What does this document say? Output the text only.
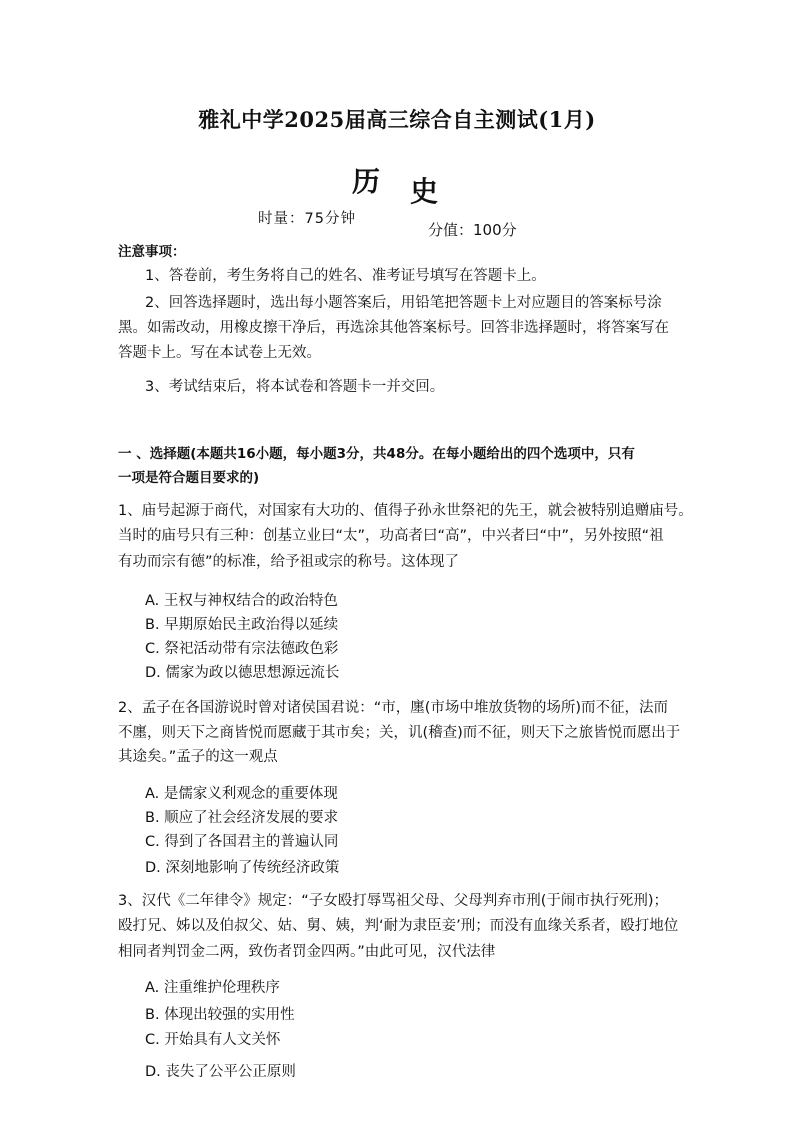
雅礼中学2025届高三综合自主测试(1月)
历 史
时量：75分钟
分值：100分
注意事项：
1、答卷前，考生务将自己的姓名、准考证号填写在答题卡上。
2、回答选择题时，选出每小题答案后，用铅笔把答题卡上对应题目的答案标号涂
黑。如需改动，用橡皮擦干净后，再选涂其他答案标号。回答非选择题时，将答案写在
答题卡上。写在本试卷上无效。
3、考试结束后，将本试卷和答题卡一并交回。
一 、选择题(本题共16小题，每小题3分，共48分。在每小题给出的四个选项中，只有
一项是符合题目要求的)
1、庙号起源于商代，对国家有大功的、值得子孙永世祭祀的先王，就会被特别追赠庙号。
当时的庙号只有三种：创基立业曰“太”，功高者曰“高”，中兴者曰“中”，另外按照“祖
有功而宗有德”的标准，给予祖或宗的称号。这体现了
A. 王权与神权结合的政治特色
B. 早期原始民主政治得以延续
C. 祭祀活动带有宗法德政色彩
D. 儒家为政以德思想源远流长
2、孟子在各国游说时曾对诸侯国君说：“市，廛(市场中堆放货物的场所)而不征，法而
不廛，则天下之商皆悦而愿藏于其市矣；关，讥(稽查)而不征，则天下之旅皆悦而愿出于
其途矣。”孟子的这一观点
A. 是儒家义利观念的重要体现
B. 顺应了社会经济发展的要求
C. 得到了各国君主的普遍认同
D. 深刻地影响了传统经济政策
3、汉代《二年律令》规定：“子女殴打辱骂祖父母、父母判弃市刑(于闹市执行死刑)；
殴打兄、姊以及伯叔父、姑、舅、姨，判‘耐为隶臣妾’刑；而没有血缘关系者，殴打地位
相同者判罚金二两，致伤者罚金四两。”由此可见，汉代法律
A. 注重维护伦理秩序
B. 体现出较强的实用性
C. 开始具有人文关怀
D. 丧失了公平公正原则
